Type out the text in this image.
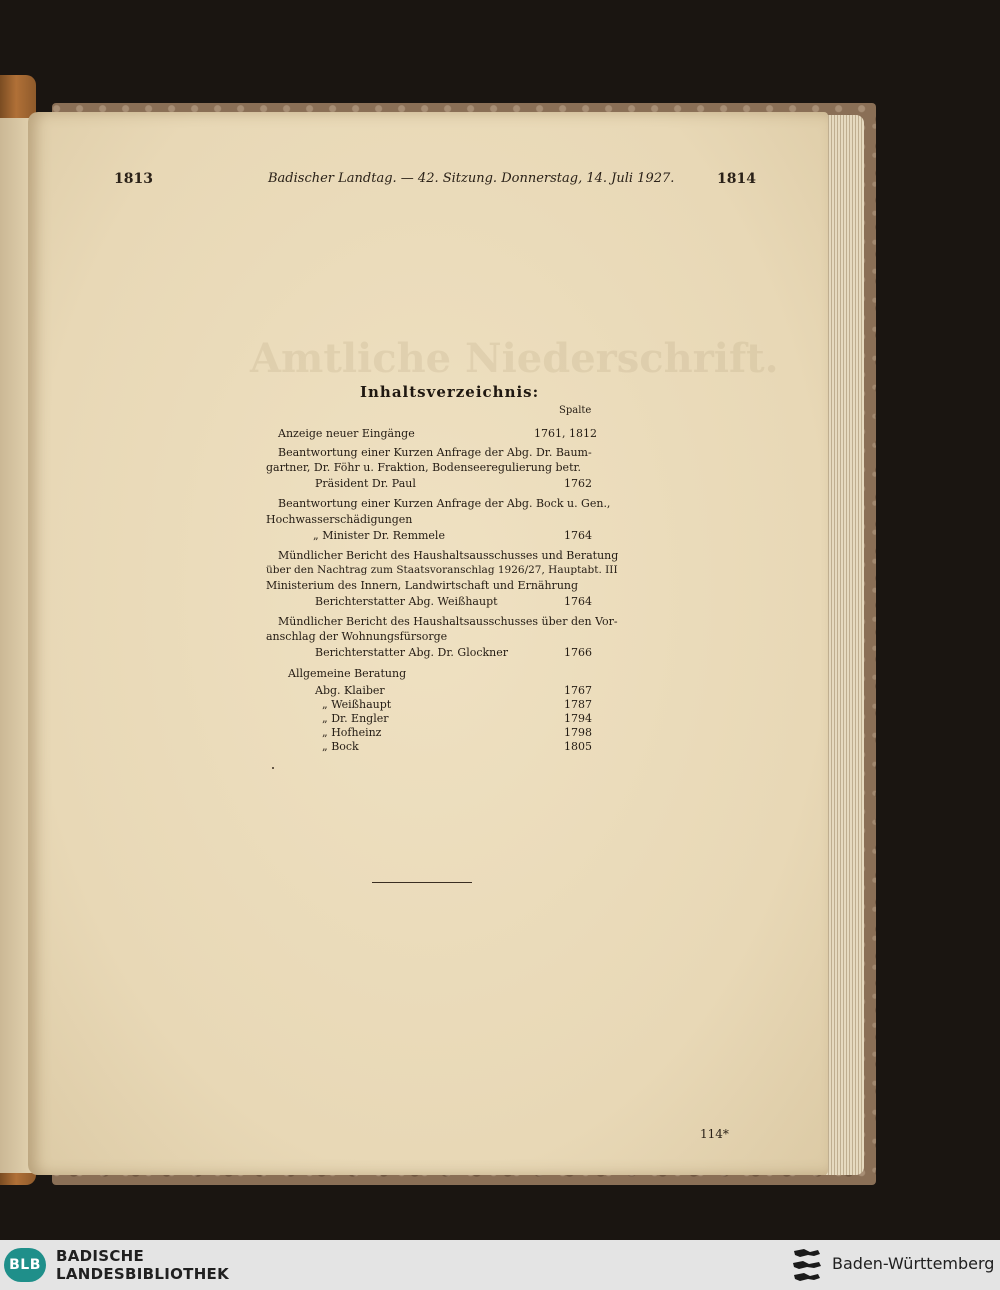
Amtliche Niederschrift.
1813	Badischer Landtag. — 42. Sitzung. Donnerstag, 14. Juli 1927.	1814
Inhaltsverzeichnis:
Spalte
Anzeige neuer Eingänge	1761, 1812
Beantwortung einer Kurzen Anfrage der Abg. Dr. Baum-
gartner, Dr. Föhr u. Fraktion, Bodenseeregulierung betr.
Präsident Dr. Paul	1762
Beantwortung einer Kurzen Anfrage der Abg. Bock u. Gen.,
Hochwasserschädigungen
„ Minister Dr. Remmele	1764
Mündlicher Bericht des Haushaltsausschusses und Beratung
über den Nachtrag zum Staatsvoranschlag 1926/27, Hauptabt. III
Ministerium des Innern, Landwirtschaft und Ernährung
Berichterstatter Abg. Weißhaupt	1764
Mündlicher Bericht des Haushaltsausschusses über den Vor-
anschlag der Wohnungsfürsorge
Berichterstatter Abg. Dr. Glockner	1766
Allgemeine Beratung
Abg. Klaiber	1767
„ Weißhaupt	1787
„ Dr. Engler	1794
„ Hofheinz	1798
„ Bock	1805
114*
BLB	BADISCHE
LANDESBIBLIOTHEK
Baden-Württemberg
